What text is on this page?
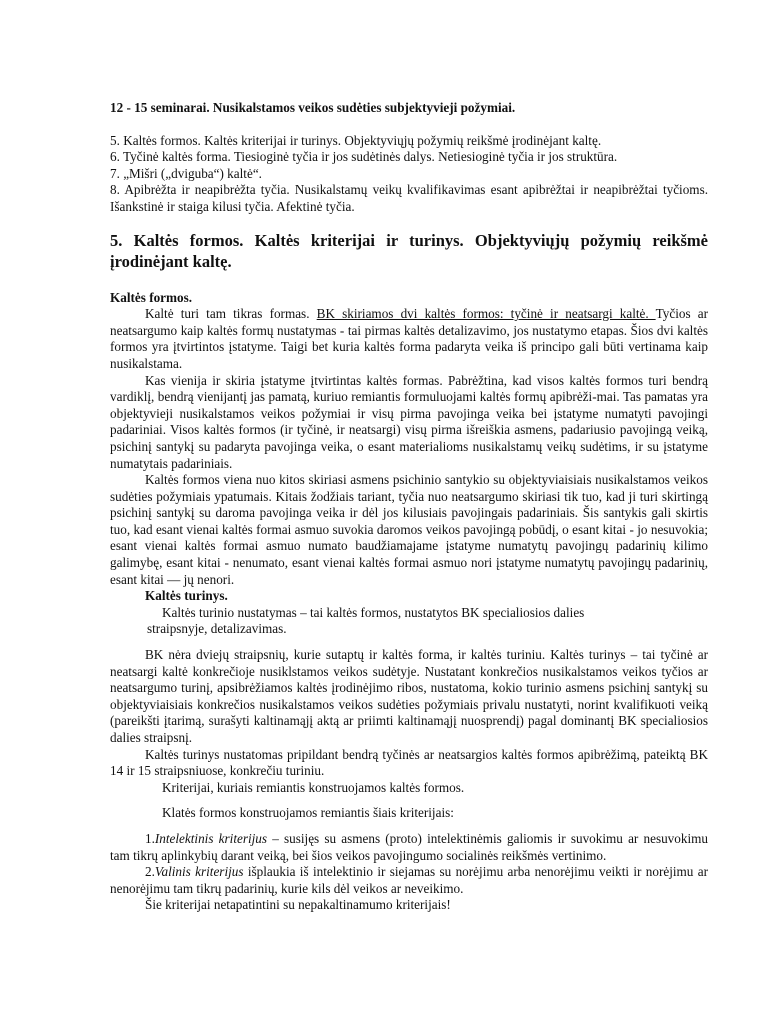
12 - 15 seminarai. Nusikalstamos veikos sudėties subjektyvieji požymiai.

5. Kaltės formos. Kaltės kriterijai ir turinys. Objektyviųjų požymių reikšmė įrodinėjant kaltę.

6. Tyčinė kaltės forma. Tiesioginė tyčia ir jos sudėtinės dalys. Netiesioginė tyčia ir jos struktūra.

7. „Mišri („dviguba“) kaltė“.

8. Apibrėžta ir neapibrėžta tyčia. Nusikalstamų veikų kvalifikavimas esant apibrėžtai ir neapibrėžtai tyčioms. Išankstinė ir staiga kilusi tyčia. Afektinė tyčia.

5. Kaltės formos. Kaltės kriterijai ir turinys. Objektyviųjų požymių reikšmė įrodinėjant kaltę.

Kaltės formos.

Kaltė turi tam tikras formas. BK skiriamos dvi kaltės formos: tyčinė ir neatsargi kaltė. Tyčios ar neatsargumo kaip kaltės formų nustatymas - tai pirmas kaltės detalizavimo, jos nustatymo etapas. Šios dvi kaltės formos yra įtvirtintos įstatyme. Taigi bet kuria kaltės forma padaryta veika iš principo gali būti vertinama kaip nusikalstama.

Kas vienija ir skiria įstatyme įtvirtintas kaltės formas. Pabrėžtina, kad visos kaltės formos turi bendrą vardiklį, bendrą vienijantį jas pamatą, kuriuo remiantis formuluojami kaltės formų apibrėži-mai. Tas pamatas yra objektyvieji nusikalstamos veikos požymiai ir visų pirma pavojinga veika bei įstatyme numatyti pavojingi padariniai. Visos kaltės formos (ir tyčinė, ir neatsargi) visų pirma išreiškia asmens, padariusio pavojingą veiką, psichinį santykį su padaryta pavojinga veika, o esant materialioms nusikalstamų veikų sudėtims, ir su įstatyme numatytais padariniais.

Kaltės formos viena nuo kitos skiriasi asmens psichinio santykio su objektyviaisiais nusikalstamos veikos sudėties požymiais ypatumais. Kitais žodžiais tariant, tyčia nuo neatsargumo skiriasi tik tuo, kad ji turi skirtingą psichinį santykį su daroma pavojinga veika ir dėl jos kilusiais pavojingais padariniais. Šis santykis gali skirtis tuo, kad esant vienai kaltės formai asmuo suvokia daromos veikos pavojingą pobūdį, o esant kitai - jo nesuvokia; esant vienai kaltės formai asmuo numato baudžiamajame įstatyme numatytų pavojingų padarinių kilimo galimybę, esant kitai - nenumato, esant vienai kaltės formai asmuo nori įstatyme numatytų pavojingų padarinių, esant kitai — jų nenori.

Kaltės turinys.

Kaltės turinio nustatymas – tai kaltės formos, nustatytos BK specialiosios dalies

straipsnyje, detalizavimas.

BK nėra dviejų straipsnių, kurie sutaptų ir kaltės forma, ir kaltės turiniu. Kaltės turinys – tai tyčinė ar neatsargi kaltė konkrečioje nusiklstamos veikos sudėtyje. Nustatant konkrečios nusikalstamos veikos tyčios ar neatsargumo turinį, apsibrėžiamos kaltės įrodinėjimo ribos, nustatoma, kokio turinio asmens psichinį santykį su objektyviaisiais konkrečios nusikalstamos veikos sudėties požymiais privalu nustatyti, norint kvalifikuoti veiką (pareikšti įtarimą, surašyti kaltinamąjį aktą ar priimti kaltinamąjį nuosprendį) pagal dominantį BK specialiosios dalies straipsnį.

Kaltės turinys nustatomas pripildant bendrą tyčinės ar neatsargios kaltės formos apibrėžimą, pateiktą BK 14 ir 15 straipsniuose, konkrečiu turiniu.

Kriterijai, kuriais remiantis konstruojamos kaltės formos.

Klatės formos konstruojamos remiantis šiais kriterijais:

1.Intelektinis kriterijus – susijęs su asmens (proto) intelektinėmis galiomis ir suvokimu ar nesuvokimu tam tikrų aplinkybių darant veiką, bei šios veikos pavojingumo socialinės reikšmės vertinimo.

2.Valinis kriterijus išplaukia iš intelektinio ir siejamas su norėjimu arba nenorėjimu veikti ir norėjimu ar nenorėjimu tam tikrų padarinių, kurie kils dėl veikos ar neveikimo.

Šie kriterijai netapatintini su nepakaltinamumo kriterijais!
